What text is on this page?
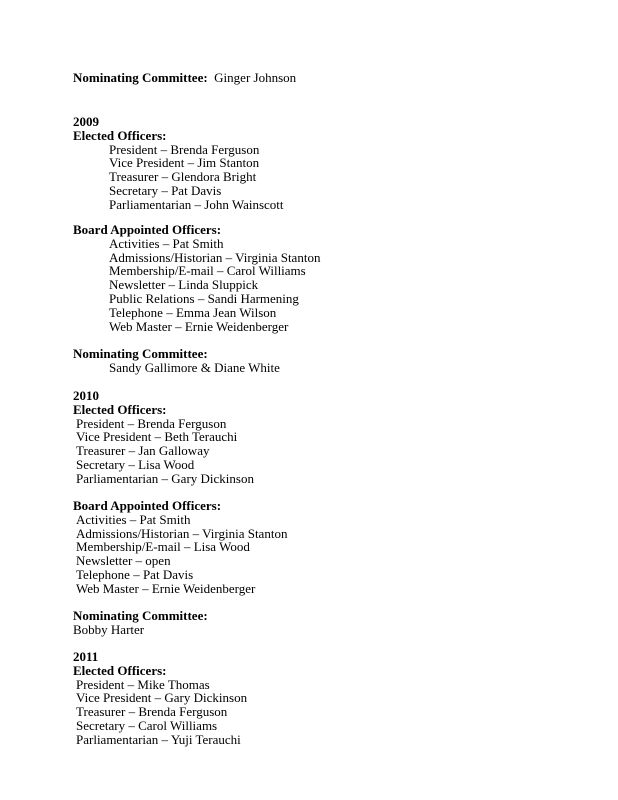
Nominating Committee: Ginger Johnson
2009
Elected Officers:
President – Brenda Ferguson
Vice President – Jim Stanton
Treasurer – Glendora Bright
Secretary – Pat Davis
Parliamentarian – John Wainscott
Board Appointed Officers:
Activities – Pat Smith
Admissions/Historian – Virginia Stanton
Membership/E-mail – Carol Williams
Newsletter – Linda Sluppick
Public Relations – Sandi Harmening
Telephone – Emma Jean Wilson
Web Master – Ernie Weidenberger
Nominating Committee:
Sandy Gallimore & Diane White
2010
Elected Officers:
President – Brenda Ferguson
Vice President – Beth Terauchi
Treasurer – Jan Galloway
Secretary – Lisa Wood
Parliamentarian – Gary Dickinson
Board Appointed Officers:
Activities – Pat Smith
Admissions/Historian – Virginia Stanton
Membership/E-mail – Lisa Wood
Newsletter – open
Telephone – Pat Davis
Web Master – Ernie Weidenberger
Nominating Committee:
Bobby Harter
2011
Elected Officers:
President – Mike Thomas
Vice President – Gary Dickinson
Treasurer – Brenda Ferguson
Secretary – Carol Williams
Parliamentarian – Yuji Terauchi
